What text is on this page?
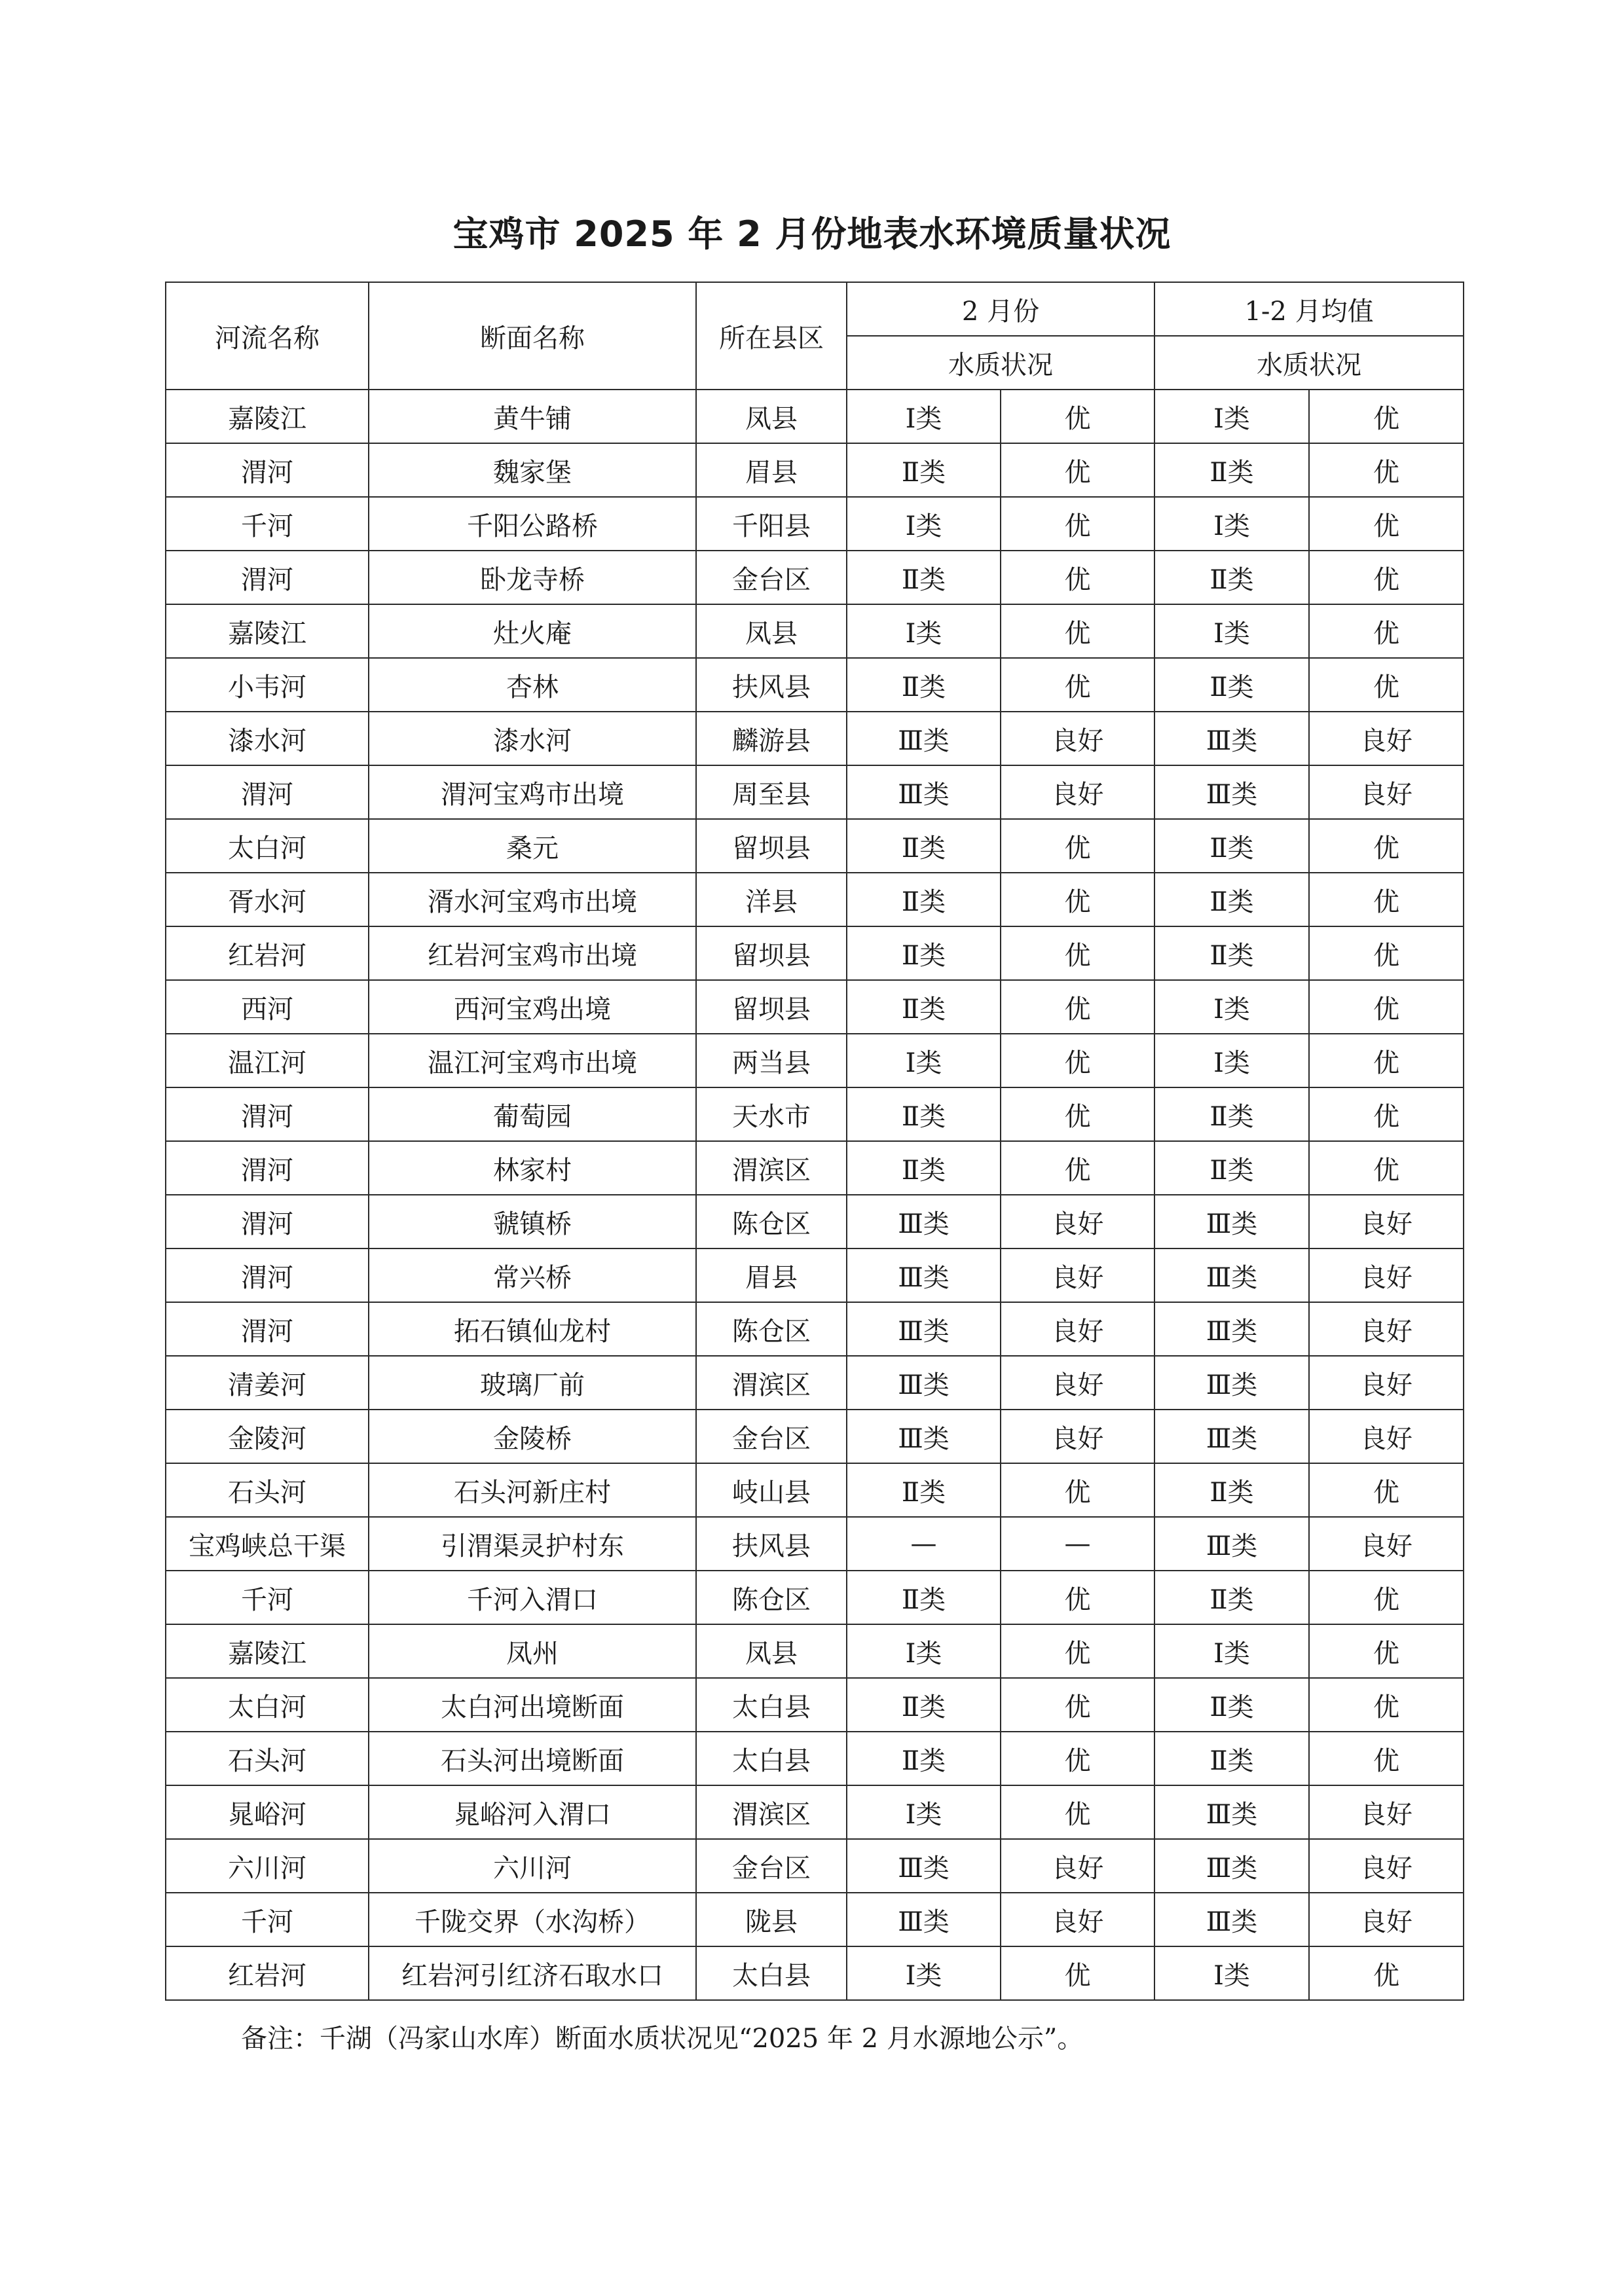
宝鸡市 2025 年 2 月份地表水环境质量状况
河流名称	断面名称	所在县区	2 月份		1-2 月均值	
			水质状况		水质状况	
嘉陵江	黄牛铺	凤县	Ⅰ类	优	Ⅰ类	优
渭河	魏家堡	眉县	Ⅱ类	优	Ⅱ类	优
千河	千阳公路桥	千阳县	Ⅰ类	优	Ⅰ类	优
渭河	卧龙寺桥	金台区	Ⅱ类	优	Ⅱ类	优
嘉陵江	灶火庵	凤县	Ⅰ类	优	Ⅰ类	优
小韦河	杏林	扶风县	Ⅱ类	优	Ⅱ类	优
漆水河	漆水河	麟游县	Ⅲ类	良好	Ⅲ类	良好
渭河	渭河宝鸡市出境	周至县	Ⅲ类	良好	Ⅲ类	良好
太白河	桑元	留坝县	Ⅱ类	优	Ⅱ类	优
胥水河	湑水河宝鸡市出境	洋县	Ⅱ类	优	Ⅱ类	优
红岩河	红岩河宝鸡市出境	留坝县	Ⅱ类	优	Ⅱ类	优
西河	西河宝鸡出境	留坝县	Ⅱ类	优	Ⅰ类	优
温江河	温江河宝鸡市出境	两当县	Ⅰ类	优	Ⅰ类	优
渭河	葡萄园	天水市	Ⅱ类	优	Ⅱ类	优
渭河	林家村	渭滨区	Ⅱ类	优	Ⅱ类	优
渭河	虢镇桥	陈仓区	Ⅲ类	良好	Ⅲ类	良好
渭河	常兴桥	眉县	Ⅲ类	良好	Ⅲ类	良好
渭河	拓石镇仙龙村	陈仓区	Ⅲ类	良好	Ⅲ类	良好
清姜河	玻璃厂前	渭滨区	Ⅲ类	良好	Ⅲ类	良好
金陵河	金陵桥	金台区	Ⅲ类	良好	Ⅲ类	良好
石头河	石头河新庄村	岐山县	Ⅱ类	优	Ⅱ类	优
宝鸡峡总干渠	引渭渠灵护村东	扶风县	—	—	Ⅲ类	良好
千河	千河入渭口	陈仓区	Ⅱ类	优	Ⅱ类	优
嘉陵江	凤州	凤县	Ⅰ类	优	Ⅰ类	优
太白河	太白河出境断面	太白县	Ⅱ类	优	Ⅱ类	优
石头河	石头河出境断面	太白县	Ⅱ类	优	Ⅱ类	优
晁峪河	晁峪河入渭口	渭滨区	Ⅰ类	优	Ⅲ类	良好
六川河	六川河	金台区	Ⅲ类	良好	Ⅲ类	良好
千河	千陇交界（水沟桥）	陇县	Ⅲ类	良好	Ⅲ类	良好
红岩河	红岩河引红济石取水口	太白县	Ⅰ类	优	Ⅰ类	优
备注：千湖（冯家山水库）断面水质状况见“2025 年 2 月水源地公示”。
